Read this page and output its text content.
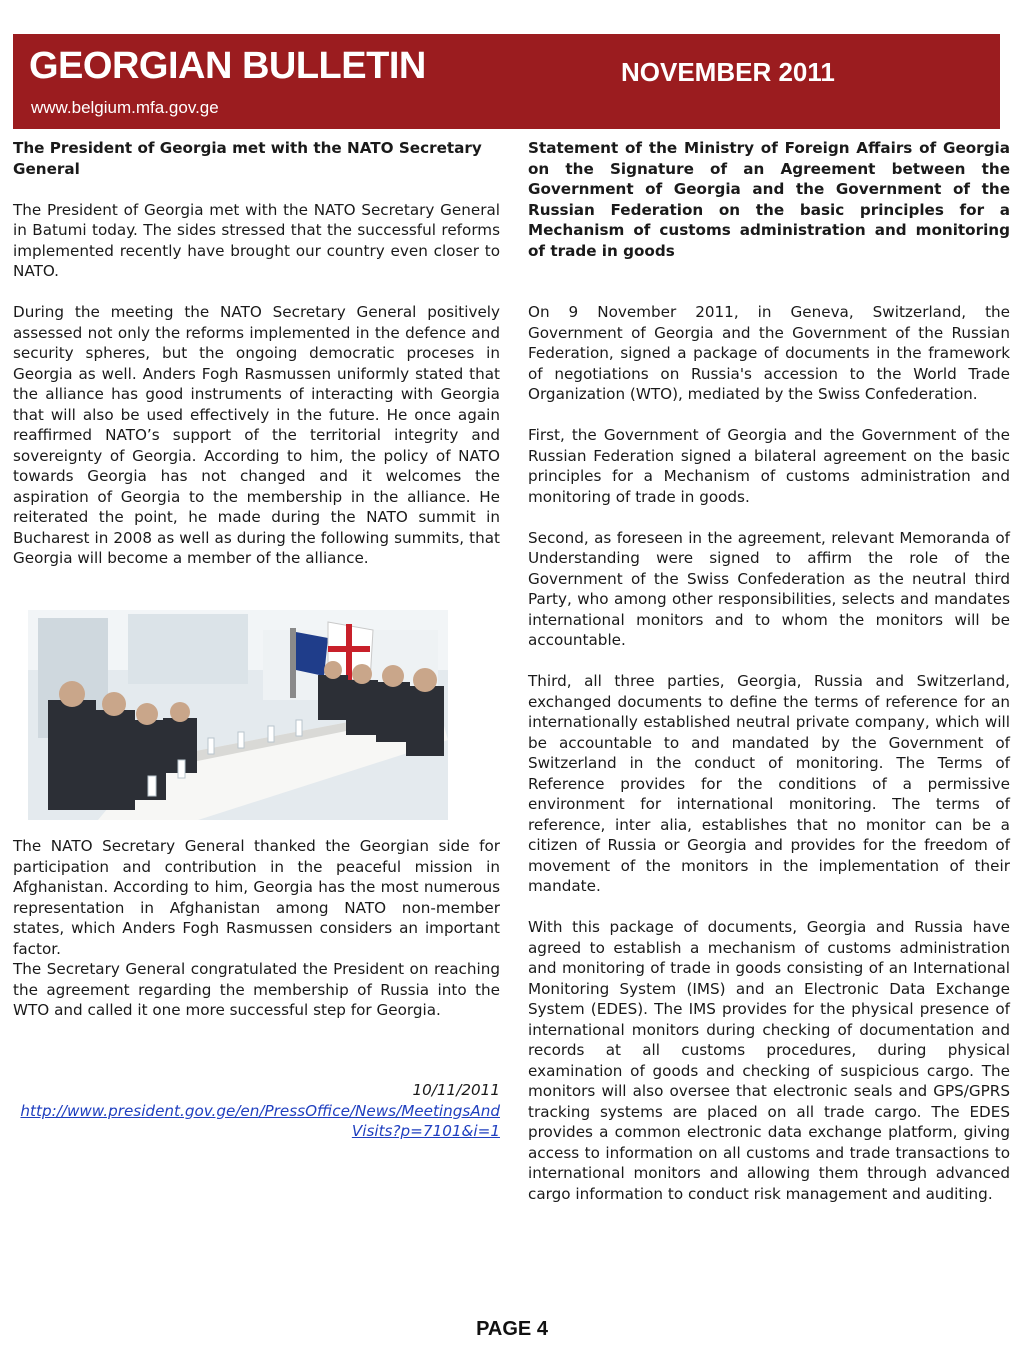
GEORGIAN BULLETIN	NOVEMBER 2011
www.belgium.mfa.gov.ge

The President of Georgia met with the NATO Secretary General

The President of Georgia met with the NATO Secretary General in Batumi today. The sides stressed that the successful reforms implemented recently have brought our country even closer to NATO.

During the meeting the NATO Secretary General positively assessed not only the reforms implemented in the defence and security spheres, but the ongoing democratic proceses in Georgia as well. Anders Fogh Rasmussen uniformly stated that the alliance has good instruments of interacting with Georgia that will also be used effectively in the future. He once again reaffirmed NATO’s support of the territorial integrity and sovereignty of Georgia. According to him, the policy of NATO towards Georgia has not changed and it welcomes the aspiration of Georgia to the membership in the alliance. He reiterated the point, he made during the NATO summit in Bucharest in 2008 as well as during the following summits, that Georgia will become a member of the alliance.

The NATO Secretary General thanked the Georgian side for participation and contribution in the peaceful mission in Afghanistan. According to him, Georgia has the most numerous representation in Afghanistan among NATO non-member states, which Anders Fogh Rasmussen considers an important factor.

The Secretary General congratulated the President on reaching the agreement regarding the membership of Russia into the WTO and called it one more successful step for Georgia.

10/11/2011
http://www.president.gov.ge/en/PressOffice/News/MeetingsAndVisits?p=7101&i=1

Statement of the Ministry of Foreign Affairs of Georgia on the Signature of an Agreement between the Government of Georgia and the Government of the Russian Federation on the basic principles for a Mechanism of customs administration and monitoring of trade in goods

On 9 November 2011, in Geneva, Switzerland, the Government of Georgia and the Government of the Russian Federation, signed a package of documents in the framework of negotiations on Russia's accession to the World Trade Organization (WTO), mediated by the Swiss Confederation.

First, the Government of Georgia and the Government of the Russian Federation signed a bilateral agreement on the basic principles for a Mechanism of customs administration and monitoring of trade in goods.

Second, as foreseen in the agreement, relevant Memoranda of Understanding were signed to affirm the role of the Government of the Swiss Confederation as the neutral third Party, who among other responsibilities, selects and mandates international monitors and to whom the monitors will be accountable.

Third, all three parties, Georgia, Russia and Switzerland, exchanged documents to define the terms of reference for an internationally established neutral private company, which will be accountable to and mandated by the Government of Switzerland in the conduct of monitoring. The Terms of Reference provides for the conditions of a permissive environment for international monitoring. The terms of reference, inter alia, establishes that no monitor can be a citizen of Russia or Georgia and provides for the freedom of movement of the monitors in the implementation of their mandate.

With this package of documents, Georgia and Russia have agreed to establish a mechanism of customs administration and monitoring of trade in goods consisting of an International Monitoring System (IMS) and an Electronic Data Exchange System (EDES). The IMS provides for the physical presence of international monitors during checking of documentation and records at all customs procedures, during physical examination of goods and checking of suspicious cargo. The monitors will also oversee that electronic seals and GPS/GPRS tracking systems are placed on all trade cargo. The EDES provides a common electronic data exchange platform, giving access to information on all customs and trade transactions to international monitors and allowing them through advanced cargo information to conduct risk management and auditing.

PAGE 4
